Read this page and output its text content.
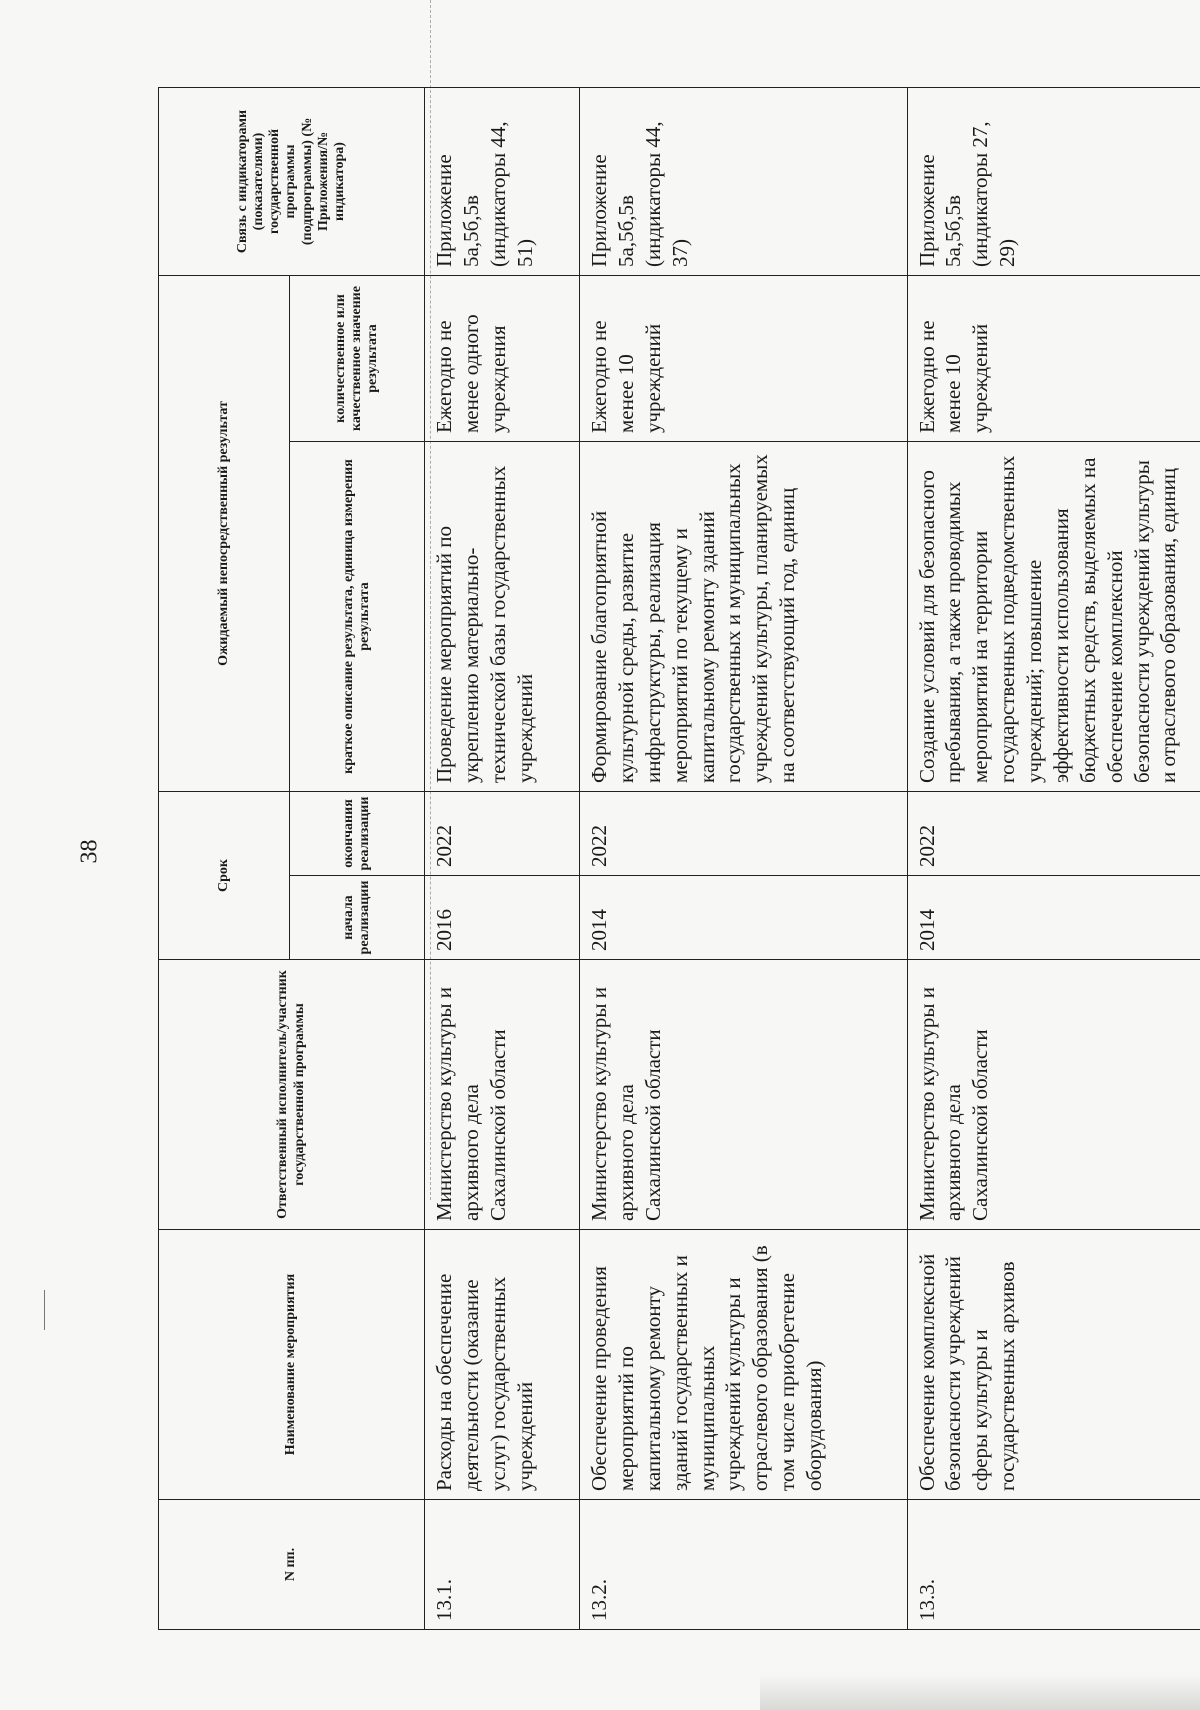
38
N пп.	Наименование мероприятия	Ответственный исполнитель/участник государственной программы	Срок		Ожидаемый непосредственный результат		Связь с индикаторами (показателями) государственной программы (подпрограммы) (№ Приложения/№ индикатора)
			начала реализации	окончания реализации	краткое описание результата, единица измерения результата	количественное или качественное значение результата	
13.1.	Расходы на обеспечение деятельности (оказание услуг) государственных учреждений	Министерство культуры и архивного дела Сахалинской области	2016	2022	Проведение мероприятий по укреплению материально-технической базы государственных учреждений	Ежегодно не менее одного учреждения	Приложение 5а,5б,5в (индикаторы 44, 51)
13.2.	Обеспечение проведения мероприятий по капитальному ремонту зданий государственных и муниципальных учреждений культуры и отраслевого образования (в том числе приобретение оборудования)	Министерство культуры и архивного дела Сахалинской области	2014	2022	Формирование благоприятной культурной среды, развитие инфраструктуры, реализация мероприятий по текущему и капитальному ремонту зданий государственных и муниципальных учреждений культуры, планируемых на соответствующий год, единиц	Ежегодно не менее 10 учреждений	Приложение 5а,5б,5в (индикаторы 44, 37)
13.3.	Обеспечение комплексной безопасности учреждений сферы культуры и государственных архивов	Министерство культуры и архивного дела Сахалинской области	2014	2022	Создание условий для безопасного пребывания, а также проводимых мероприятий на территории государственных подведомственных учреждений; повышение эффективности использования бюджетных средств, выделяемых на обеспечение комплексной безопасности учреждений культуры и отраслевого образования, единиц	Ежегодно не менее 10 учреждений	Приложение 5а,5б,5в (индикаторы 27, 29)
